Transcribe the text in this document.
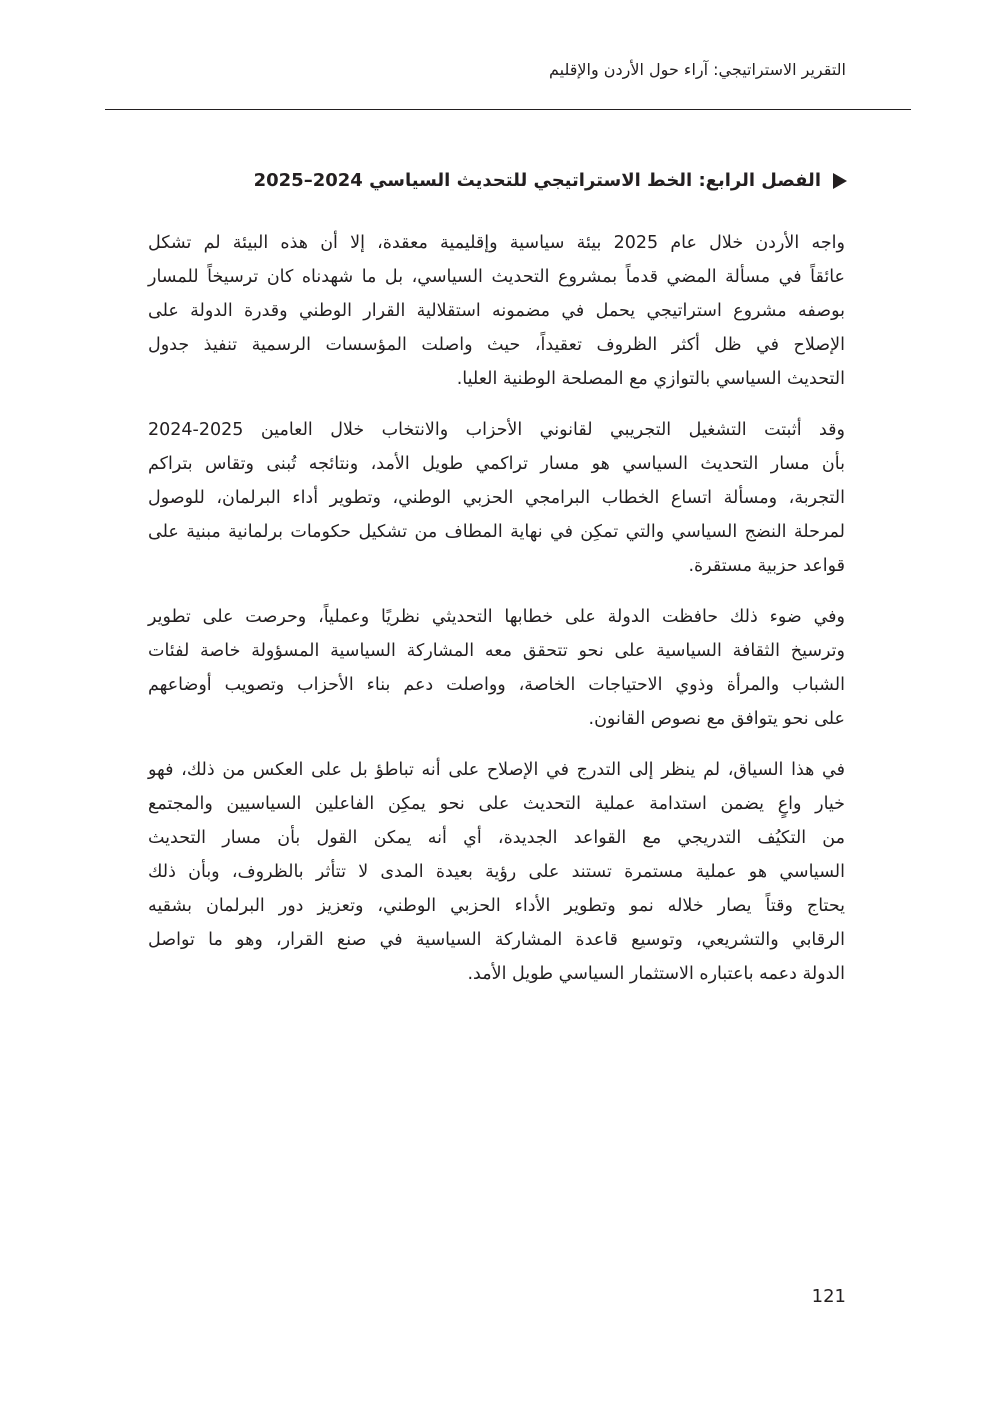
التقرير الاستراتيجي: آراء حول الأردن والإقليم
الفصل الرابع: الخط الاستراتيجي للتحديث السياسي 2024–2025
واجه الأردن خلال عام 2025 بيئة سياسية وإقليمية معقدة، إلا أن هذه البيئة لم تشكل
عائقاً في مسألة المضي قدماً بمشروع التحديث السياسي، بل ما شهدناه كان ترسيخاً للمسار
بوصفه مشروع استراتيجي يحمل في مضمونه استقلالية القرار الوطني وقدرة الدولة على
الإصلاح في ظل أكثر الظروف تعقيداً، حيث واصلت المؤسسات الرسمية تنفيذ جدول
التحديث السياسي بالتوازي مع المصلحة الوطنية العليا.
وقد أثبتت التشغيل التجريبي لقانوني الأحزاب والانتخاب خلال العامين 2025-2024
بأن مسار التحديث السياسي هو مسار تراكمي طويل الأمد، ونتائجه تُبنى وتقاس بتراكم
التجربة، ومسألة اتساع الخطاب البرامجي الحزبي الوطني، وتطوير أداء البرلمان، للوصول
لمرحلة النضج السياسي والتي تمكِن في نهاية المطاف من تشكيل حكومات برلمانية مبنية على
قواعد حزبية مستقرة.
وفي ضوء ذلك حافظت الدولة على خطابها التحديثي نظريًا وعملياً، وحرصت على تطوير
وترسيخ الثقافة السياسية على نحو تتحقق معه المشاركة السياسية المسؤولة خاصة لفئات
الشباب والمرأة وذوي الاحتياجات الخاصة، وواصلت دعم بناء الأحزاب وتصويب أوضاعهم
على نحو يتوافق مع نصوص القانون.
في هذا السياق، لم ينظر إلى التدرج في الإصلاح على أنه تباطؤ بل على العكس من ذلك، فهو
خيار واعٍ يضمن استدامة عملية التحديث على نحو يمكِن الفاعلين السياسيين والمجتمع
من التكيُف التدريجي مع القواعد الجديدة، أي أنه يمكن القول بأن مسار التحديث
السياسي هو عملية مستمرة تستند على رؤية بعيدة المدى لا تتأثر بالظروف، وبأن ذلك
يحتاج وقتاً يصار خلاله نمو وتطوير الأداء الحزبي الوطني، وتعزيز دور البرلمان بشقيه
الرقابي والتشريعي، وتوسيع قاعدة المشاركة السياسية في صنع القرار، وهو ما تواصل
الدولة دعمه باعتباره الاستثمار السياسي طويل الأمد.
121
